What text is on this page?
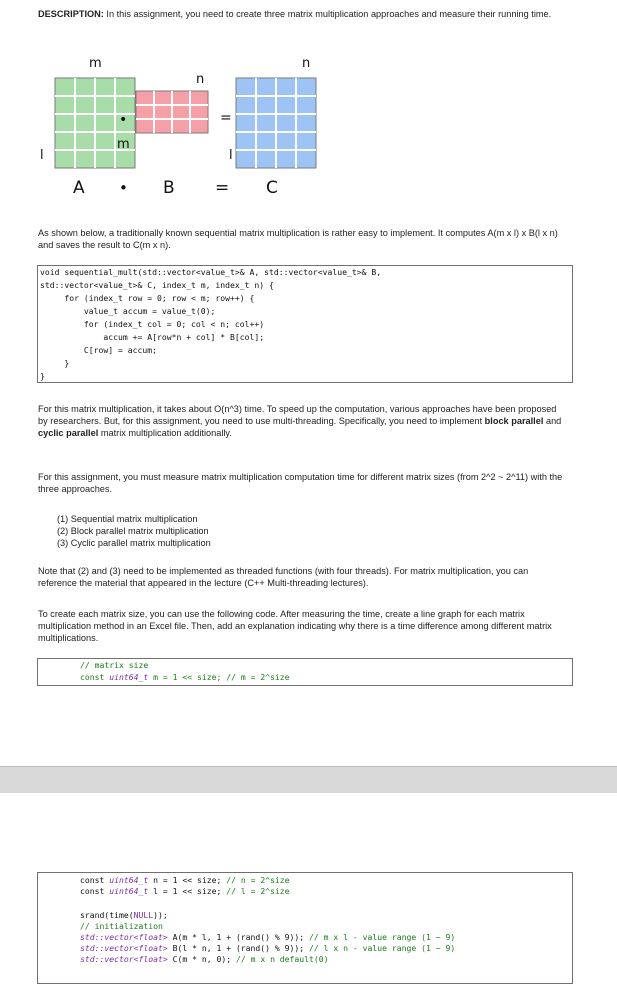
DESCRIPTION: In this assignment, you need to create three matrix multiplication approaches and measure their running time.
m
n
n
m
l	l
•	=
A • B = C
As shown below, a traditionally known sequential matrix multiplication is rather easy to implement. It computes A(m x l) x B(l x n) and saves the result to C(m x n).
void sequential_mult(std::vector<value_t>& A, std::vector<value_t>& B,
std::vector<value_t>& C, index_t m, index_t n) {
for (index_t row = 0; row < m; row++) {
value_t accum = value_t(0);
for (index_t col = 0; col < n; col++)
accum += A[row*n + col] * B[col];
C[row] = accum;
}
}
For this matrix multiplication, it takes about O(n^3) time. To speed up the computation, various approaches have been proposed by researchers. But, for this assignment, you need to use multi-threading. Specifically, you need to implement block parallel and cyclic parallel matrix multiplication additionally.
For this assignment, you must measure matrix multiplication computation time for different matrix sizes (from 2^2 ~ 2^11) with the three approaches.
(1) Sequential matrix multiplication
(2) Block parallel matrix multiplication
(3) Cyclic parallel matrix multiplication
Note that (2) and (3) need to be implemented as threaded functions (with four threads). For matrix multiplication, you can reference the material that appeared in the lecture (C++ Multi-threading lectures).
To create each matrix size, you can use the following code. After measuring the time, create a line graph for each matrix multiplication method in an Excel file. Then, add an explanation indicating why there is a time difference among different matrix multiplications.
// matrix size
const uint64_t m = 1 << size; // m = 2^size
const uint64_t n = 1 << size; // n = 2^size
const uint64_t l = 1 << size; // l = 2^size
srand(time(NULL));
// initialization
std::vector<float> A(m * l, 1 + (rand() % 9)); // m x l - value range (1 ~ 9)
std::vector<float> B(l * n, 1 + (rand() % 9)); // l x n - value range (1 ~ 9)
std::vector<float> C(m * n, 0); // m x n default(0)
